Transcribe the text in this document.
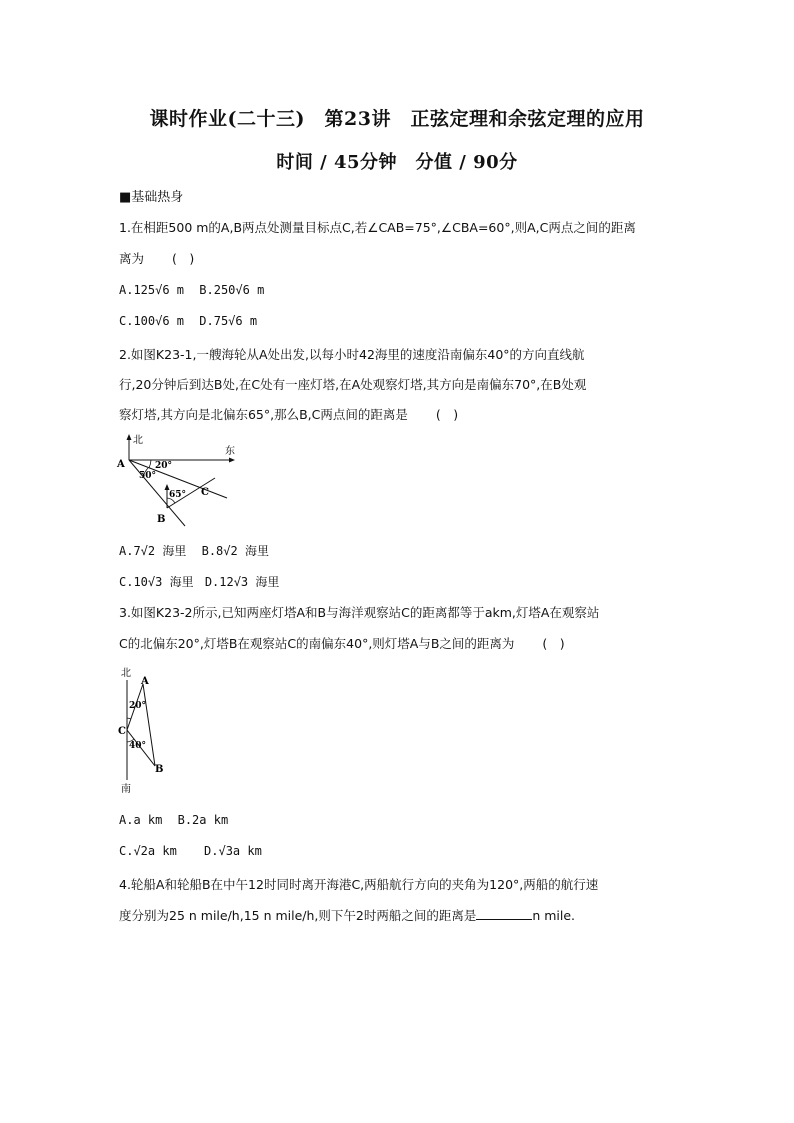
课时作业(二十三)　第23讲　正弦定理和余弦定理的应用
时间 / 45分钟　分值 / 90分
■基础热身
1.在相距500 m的A,B两点处测量目标点C,若∠CAB=75°,∠CBA=60°,则A,C两点之间的距离
离为 (　)
A.125√6 m B.250√6 m
C.100√6 m D.75√6 m
2.如图K23-1,一艘海轮从A处出发,以每小时42海里的速度沿南偏东40°的方向直线航
行,20分钟后到达B处,在C处有一座灯塔,在A处观察灯塔,其方向是南偏东70°,在B处观
察灯塔,其方向是北偏东65°,那么B,C两点间的距离是 (　)
北
东
A
B
C
20°
50°
65°
A.7√2 海里 B.8√2 海里
C.10√3 海里 D.12√3 海里
3.如图K23-2所示,已知两座灯塔A和B与海洋观察站C的距离都等于akm,灯塔A在观察站
C的北偏东20°,灯塔B在观察站C的南偏东40°,则灯塔A与B之间的距离为 (　)
北
南
A
C
B
20°
40°
A.a km B.2a km
C.√2a km D.√3a km
4.轮船A和轮船B在中午12时同时离开海港C,两船航行方向的夹角为120°,两船的航行速
度分别为25 n mile/h,15 n mile/h,则下午2时两船之间的距离是	n mile.
